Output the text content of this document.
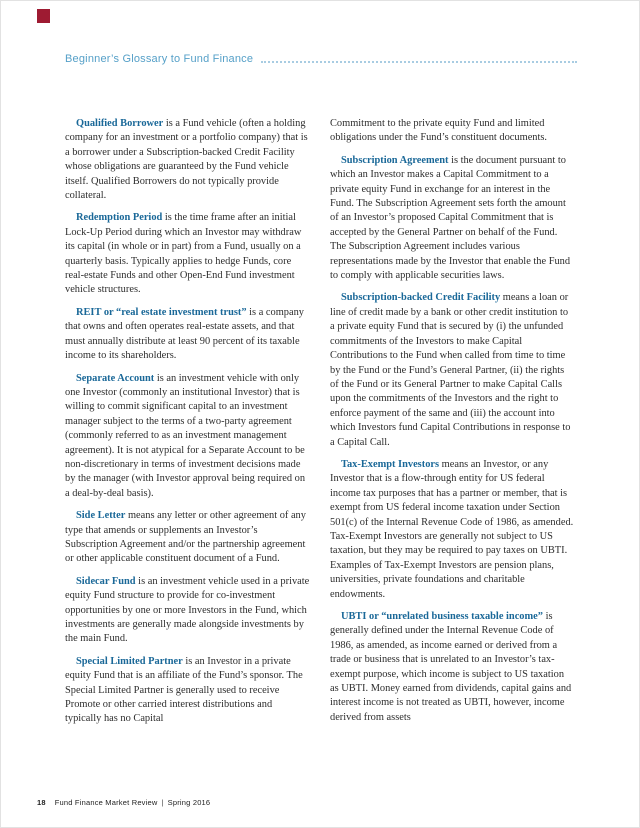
Beginner’s Glossary to Fund Finance

Qualified Borrower is a Fund vehicle (often a holding company for an investment or a portfolio company) that is a borrower under a Subscription-backed Credit Facility whose obligations are guaranteed by the Fund vehicle itself. Qualified Borrowers do not typically provide collateral.

Redemption Period is the time frame after an initial Lock-Up Period during which an Investor may withdraw its capital (in whole or in part) from a Fund, usually on a quarterly basis. Typically applies to hedge Funds, core real-estate Funds and other Open-End Fund investment vehicle structures.

REIT or “real estate investment trust” is a company that owns and often operates real-estate assets, and that must annually distribute at least 90 percent of its taxable income to its shareholders.

Separate Account is an investment vehicle with only one Investor (commonly an institutional Investor) that is willing to commit significant capital to an investment manager subject to the terms of a two-party agreement (commonly referred to as an investment management agreement). It is not atypical for a Separate Account to be non-discretionary in terms of investment decisions made by the manager (with Investor approval being required on a deal-by-deal basis).

Side Letter means any letter or other agreement of any type that amends or supplements an Investor’s Subscription Agreement and/or the partnership agreement or other applicable constituent document of a Fund.

Sidecar Fund is an investment vehicle used in a private equity Fund structure to provide for co-investment opportunities by one or more Investors in the Fund, which investments are generally made alongside investments by the main Fund.

Special Limited Partner is an Investor in a private equity Fund that is an affiliate of the Fund’s sponsor. The Special Limited Partner is generally used to receive Promote or other carried interest distributions and typically has no Capital

Commitment to the private equity Fund and limited obligations under the Fund’s constituent documents.

Subscription Agreement is the document pursuant to which an Investor makes a Capital Commitment to a private equity Fund in exchange for an interest in the Fund. The Subscription Agreement sets forth the amount of an Investor’s proposed Capital Commitment that is accepted by the General Partner on behalf of the Fund. The Subscription Agreement includes various representations made by the Investor that enable the Fund to comply with applicable securities laws.

Subscription-backed Credit Facility means a loan or line of credit made by a bank or other credit institution to a private equity Fund that is secured by (i) the unfunded commitments of the Investors to make Capital Contributions to the Fund when called from time to time by the Fund or the Fund’s General Partner, (ii) the rights of the Fund or its General Partner to make Capital Calls upon the commitments of the Investors and the right to enforce payment of the same and (iii) the account into which Investors fund Capital Contributions in response to a Capital Call.

Tax-Exempt Investors means an Investor, or any Investor that is a flow-through entity for US federal income tax purposes that has a partner or member, that is exempt from US federal income taxation under Section 501(c) of the Internal Revenue Code of 1986, as amended. Tax-Exempt Investors are generally not subject to US taxation, but they may be required to pay taxes on UBTI. Examples of Tax-Exempt Investors are pension plans, universities, private foundations and charitable endowments.

UBTI or “unrelated business taxable income” is generally defined under the Internal Revenue Code of 1986, as amended, as income earned or derived from a trade or business that is unrelated to an Investor’s tax-exempt purpose, which income is subject to US taxation as UBTI. Money earned from dividends, capital gains and interest income is not treated as UBTI, however, income derived from assets

18 Fund Finance Market Review | Spring 2016
